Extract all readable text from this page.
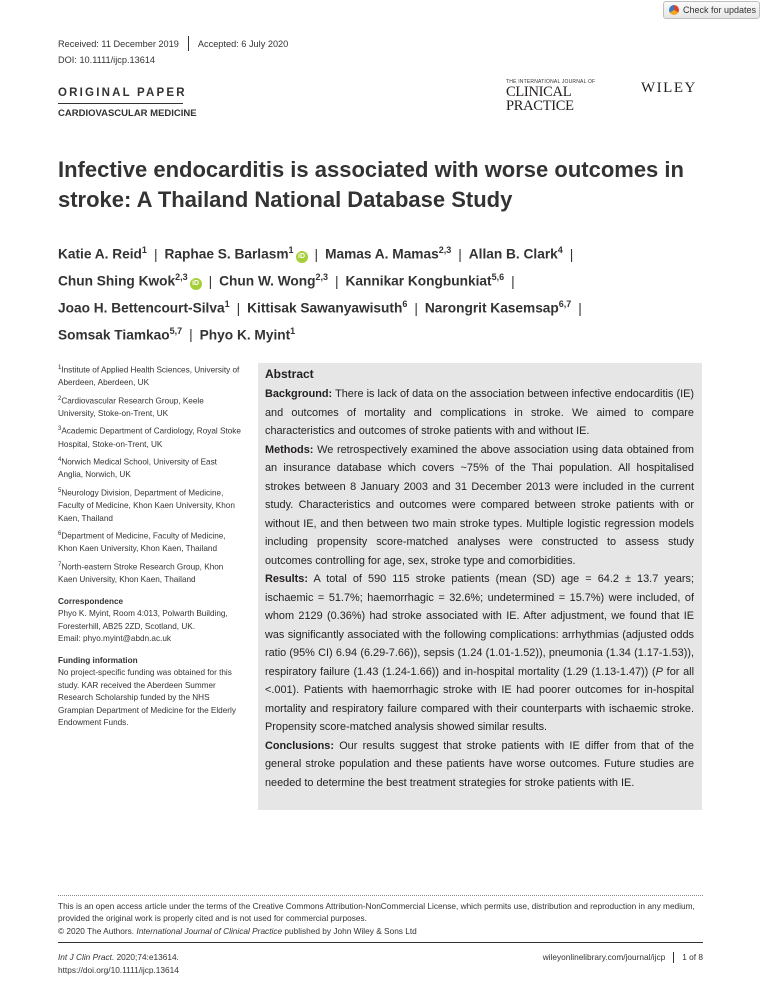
Check for updates
Received: 11 December 2019 Accepted: 6 July 2020
DOI: 10.1111/ijcp.13614
ORIGINAL PAPER
CARDIOVASCULAR MEDICINE
THE INTERNATIONAL JOURNAL OF
CLINICAL PRACTICE
WILEY
Infective endocarditis is associated with worse outcomes in stroke: A Thailand National Database Study
Katie A. Reid$^1$ | Raphae S. Barlasm$^1$iD | Mamas A. Mamas$^{2,3}$ | Allan B. Clark$^4$ |
Chun Shing Kwok$^{2,3}$iD | Chun W. Wong$^{2,3}$ | Kannikar Kongbunkiat$^{5,6}$ |
Joao H. Bettencourt-Silva$^1$ | Kittisak Sawanyawisuth$^6$ | Narongrit Kasemsap$^{6,7}$ |
Somsak Tiamkao$^{5,7}$ | Phyo K. Myint$^1$
$^1$Institute of Applied Health Sciences, University of Aberdeen, Aberdeen, UK
$^2$Cardiovascular Research Group, Keele University, Stoke-on-Trent, UK
$^3$Academic Department of Cardiology, Royal Stoke Hospital, Stoke-on-Trent, UK
$^4$Norwich Medical School, University of East Anglia, Norwich, UK
$^5$Neurology Division, Department of Medicine, Faculty of Medicine, Khon Kaen University, Khon Kaen, Thailand
$^6$Department of Medicine, Faculty of Medicine, Khon Kaen University, Khon Kaen, Thailand
$^7$North-eastern Stroke Research Group, Khon Kaen University, Khon Kaen, Thailand
Correspondence
Phyo K. Myint, Room 4:013, Polwarth Building, Foresterhill, AB25 2ZD, Scotland, UK.
Email: phyo.myint@abdn.ac.uk
Funding information
No project-specific funding was obtained for this study. KAR received the Aberdeen Summer Research Scholarship funded by the NHS Grampian Department of Medicine for the Elderly Endowment Funds.
Abstract
Background: There is lack of data on the association between infective endocarditis (IE) and outcomes of mortality and complications in stroke. We aimed to compare characteristics and outcomes of stroke patients with and without IE.
Methods: We retrospectively examined the above association using data obtained from an insurance database which covers ~75% of the Thai population. All hospitalised strokes between 8 January 2003 and 31 December 2013 were included in the current study. Characteristics and outcomes were compared between stroke patients with or without IE, and then between two main stroke types. Multiple logistic regression models including propensity score-matched analyses were constructed to assess study outcomes controlling for age, sex, stroke type and comorbidities.
Results: A total of 590 115 stroke patients (mean (SD) age = 64.2 ± 13.7 years; ischaemic = 51.7%; haemorrhagic = 32.6%; undetermined = 15.7%) were included, of whom 2129 (0.36%) had stroke associated with IE. After adjustment, we found that IE was significantly associated with the following complications: arrhythmias (adjusted odds ratio (95% CI) 6.94 (6.29-7.66)), sepsis (1.24 (1.01-1.52)), pneumonia (1.34 (1.17-1.53)), respiratory failure (1.43 (1.24-1.66)) and in-hospital mortality (1.29 (1.13-1.47)) (P for all <.001). Patients with haemorrhagic stroke with IE had poorer outcomes for in-hospital mortality and respiratory failure compared with their counterparts with ischaemic stroke. Propensity score-matched analysis showed similar results.
Conclusions: Our results suggest that stroke patients with IE differ from that of the general stroke population and these patients have worse outcomes. Future studies are needed to determine the best treatment strategies for stroke patients with IE.
This is an open access article under the terms of the Creative Commons Attribution-NonCommercial License, which permits use, distribution and reproduction in any medium, provided the original work is properly cited and is not used for commercial purposes.
© 2020 The Authors. International Journal of Clinical Practice published by John Wiley & Sons Ltd
Int J Clin Pract. 2020;74:e13614.
https://doi.org/10.1111/ijcp.13614
wileyonlinelibrary.com/journal/ijcp 1 of 8
